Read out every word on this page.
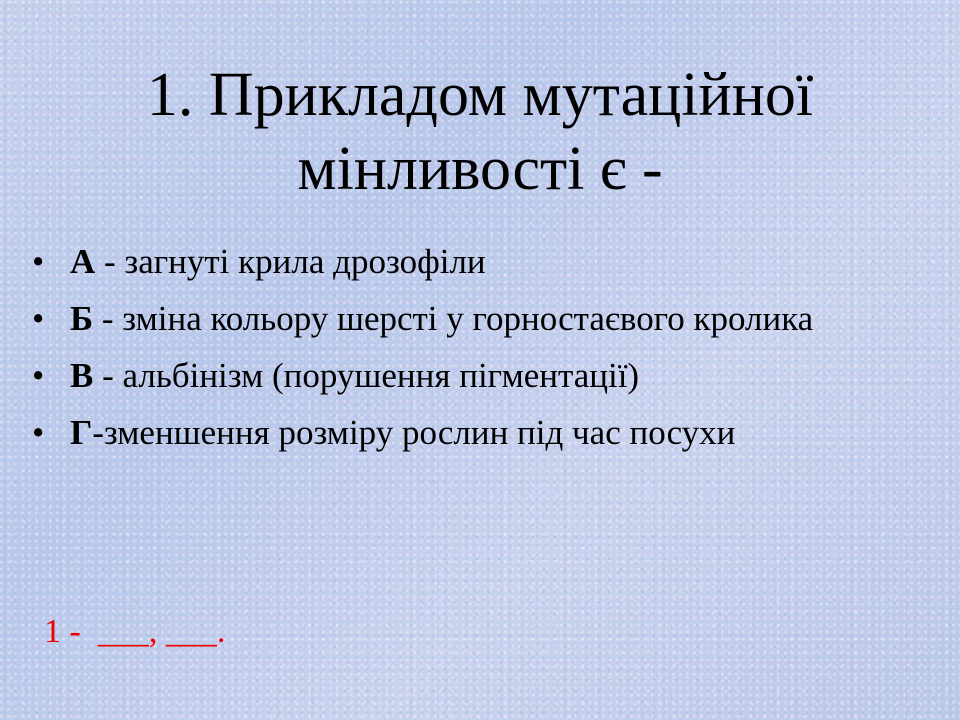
1. Прикладом мутаційної
мінливості є -
• А - загнуті крила дрозофіли
• Б - зміна кольору шерсті у горностаєвого кролика
• В - альбінізм (порушення пігментації)
• Г-зменшення розміру рослин під час посухи
1 -  ___, ___.
